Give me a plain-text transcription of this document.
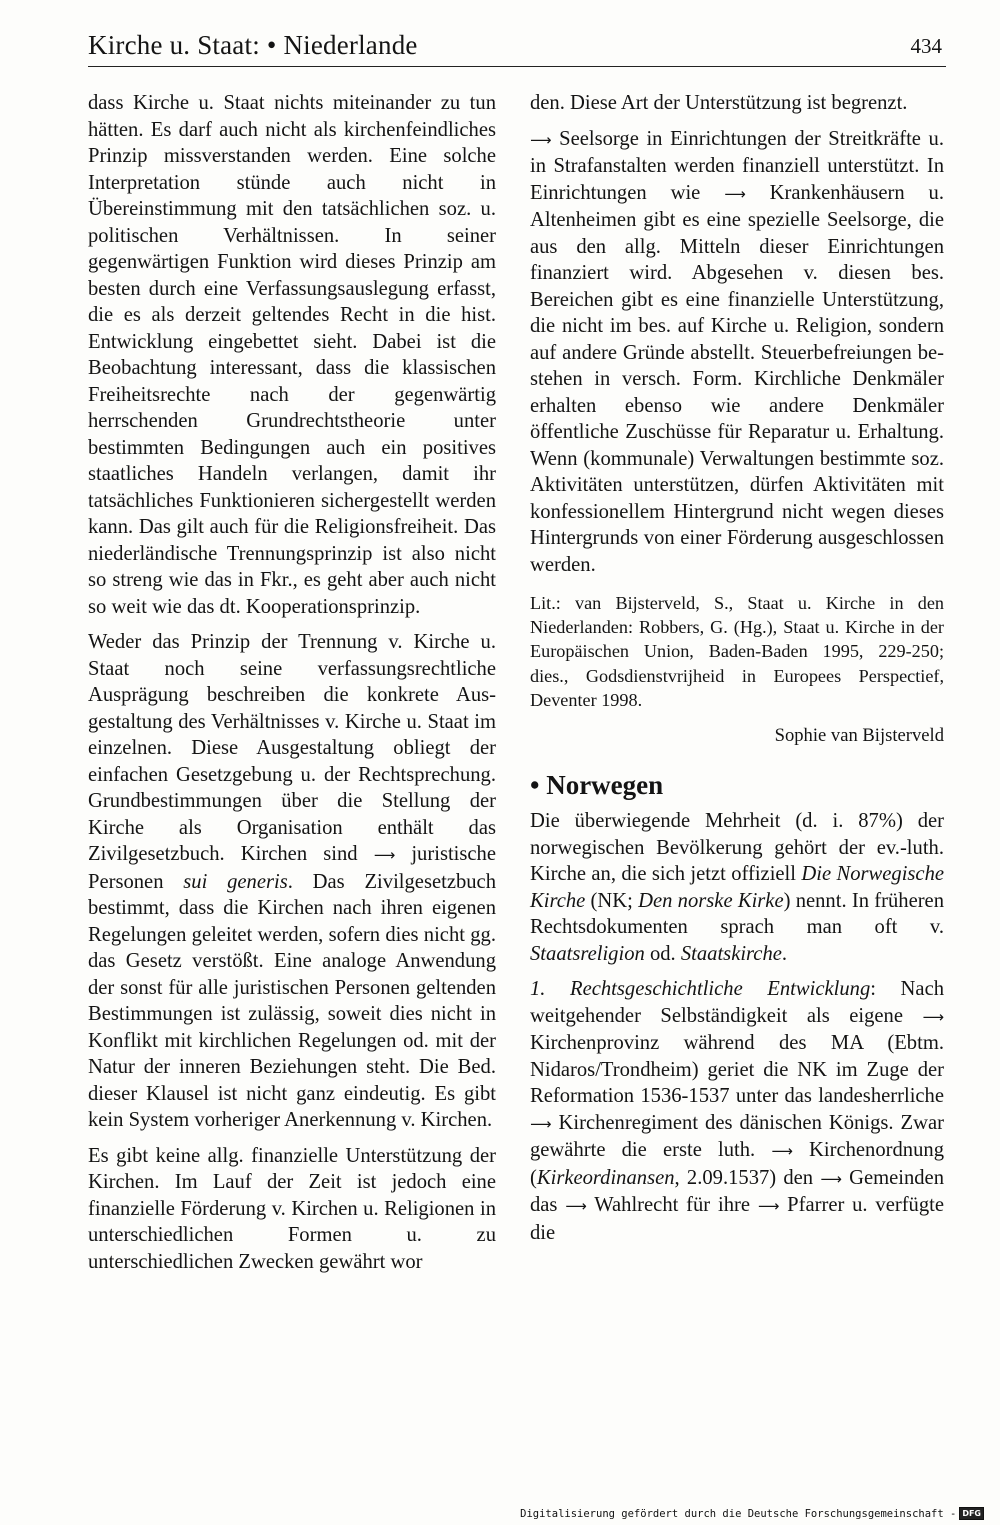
Kirche u. Staat: • Niederlande	434

dass Kirche u. Staat nichts miteinander zu tun hätten. Es darf auch nicht als kirchenfeindliches Prinzip missverstanden werden. Eine solche Interpretation stünde auch nicht in Übereinstimmung mit den tatsächlichen soz. u. politischen Verhältnissen. In seiner gegenwärtigen Funktion wird dieses Prinzip am besten durch eine Verfassungsauslegung erfasst, die es als derzeit geltendes Recht in die hist. Entwicklung eingebettet sieht. Dabei ist die Beobachtung interessant, dass die klassischen Freiheitsrechte nach der gegenwärtig herrschenden Grundrechtstheorie unter bestimmten Bedingungen auch ein positives staatliches Handeln verlangen, damit ihr tatsächliches Funktionieren sichergestellt werden kann. Das gilt auch für die Religionsfreiheit. Das niederländische Trennungsprinzip ist also nicht so streng wie das in Fkr., es geht aber auch nicht so weit wie das dt. Kooperationsprinzip.

Weder das Prinzip der Trennung v. Kirche u. Staat noch seine verfassungsrechtliche Ausprägung beschreiben die konkrete Ausgestaltung des Verhältnisses v. Kirche u. Staat im einzelnen. Diese Ausgestaltung obliegt der einfachen Gesetzgebung u. der Rechtsprechung. Grundbestimmungen über die Stellung der Kirche als Organisation enthält das Zivilgesetzbuch. Kirchen sind ⟶ juristische Personen sui generis. Das Zivilgesetzbuch bestimmt, dass die Kirchen nach ihren eigenen Regelungen geleitet werden, sofern dies nicht gg. das Gesetz verstößt. Eine analoge Anwendung der sonst für alle juristischen Personen geltenden Bestimmungen ist zulässig, soweit dies nicht in Konflikt mit kirchlichen Regelungen od. mit der Natur der inneren Beziehungen steht. Die Bed. dieser Klausel ist nicht ganz eindeutig. Es gibt kein System vorheriger Anerkennung v. Kirchen.

Es gibt keine allg. finanzielle Unterstützung der Kirchen. Im Lauf der Zeit ist jedoch eine finanzielle Förderung v. Kirchen u. Religionen in unterschiedlichen Formen u. zu unterschiedlichen Zwecken gewährt wor

den. Diese Art der Unterstützung ist begrenzt.

⟶ Seelsorge in Einrichtungen der Streitkräfte u. in Strafanstalten werden finanziell unterstützt. In Einrichtungen wie ⟶ Krankenhäusern u. Altenheimen gibt es eine spezielle Seelsorge, die aus den allg. Mitteln dieser Einrichtungen finanziert wird. Abgesehen v. diesen bes. Bereichen gibt es eine finanzielle Unterstützung, die nicht im bes. auf Kirche u. Religion, sondern auf andere Gründe abstellt. Steuerbefreiungen bestehen in versch. Form. Kirchliche Denkmäler erhalten ebenso wie andere Denkmäler öffentliche Zuschüsse für Reparatur u. Erhaltung. Wenn (kommunale) Verwaltungen bestimmte soz. Aktivitäten unterstützen, dürfen Aktivitäten mit konfessionellem Hintergrund nicht wegen dieses Hintergrunds von einer Förderung ausgeschlossen werden.

Lit.: van Bijsterveld, S., Staat u. Kirche in den Niederlanden: Robbers, G. (Hg.), Staat u. Kirche in der Europäischen Union, Baden-Baden 1995, 229-250; dies., Godsdienstvrijheid in Europees Perspectief, Deventer 1998.

Sophie van Bijsterveld

• Norwegen

Die überwiegende Mehrheit (d. i. 87%) der norwegischen Bevölkerung gehört der ev.-luth. Kirche an, die sich jetzt offiziell Die Norwegische Kirche (NK; Den norske Kirke) nennt. In früheren Rechtsdokumenten sprach man oft v. Staatsreligion od. Staatskirche.

1. Rechtsgeschichtliche Entwicklung: Nach weitgehender Selbständigkeit als eigene ⟶ Kirchenprovinz während des MA (Ebtm. Nidaros/Trondheim) geriet die NK im Zuge der Reformation 1536-1537 unter das landesherrliche ⟶ Kirchenregiment des dänischen Königs. Zwar gewährte die erste luth. ⟶ Kirchenordnung (Kirkeordinansen, 2.09.1537) den ⟶ Gemeinden das ⟶ Wahlrecht für ihre ⟶ Pfarrer u. verfügte die

Digitalisierung gefördert durch die Deutsche Forschungsgemeinschaft - DFG
